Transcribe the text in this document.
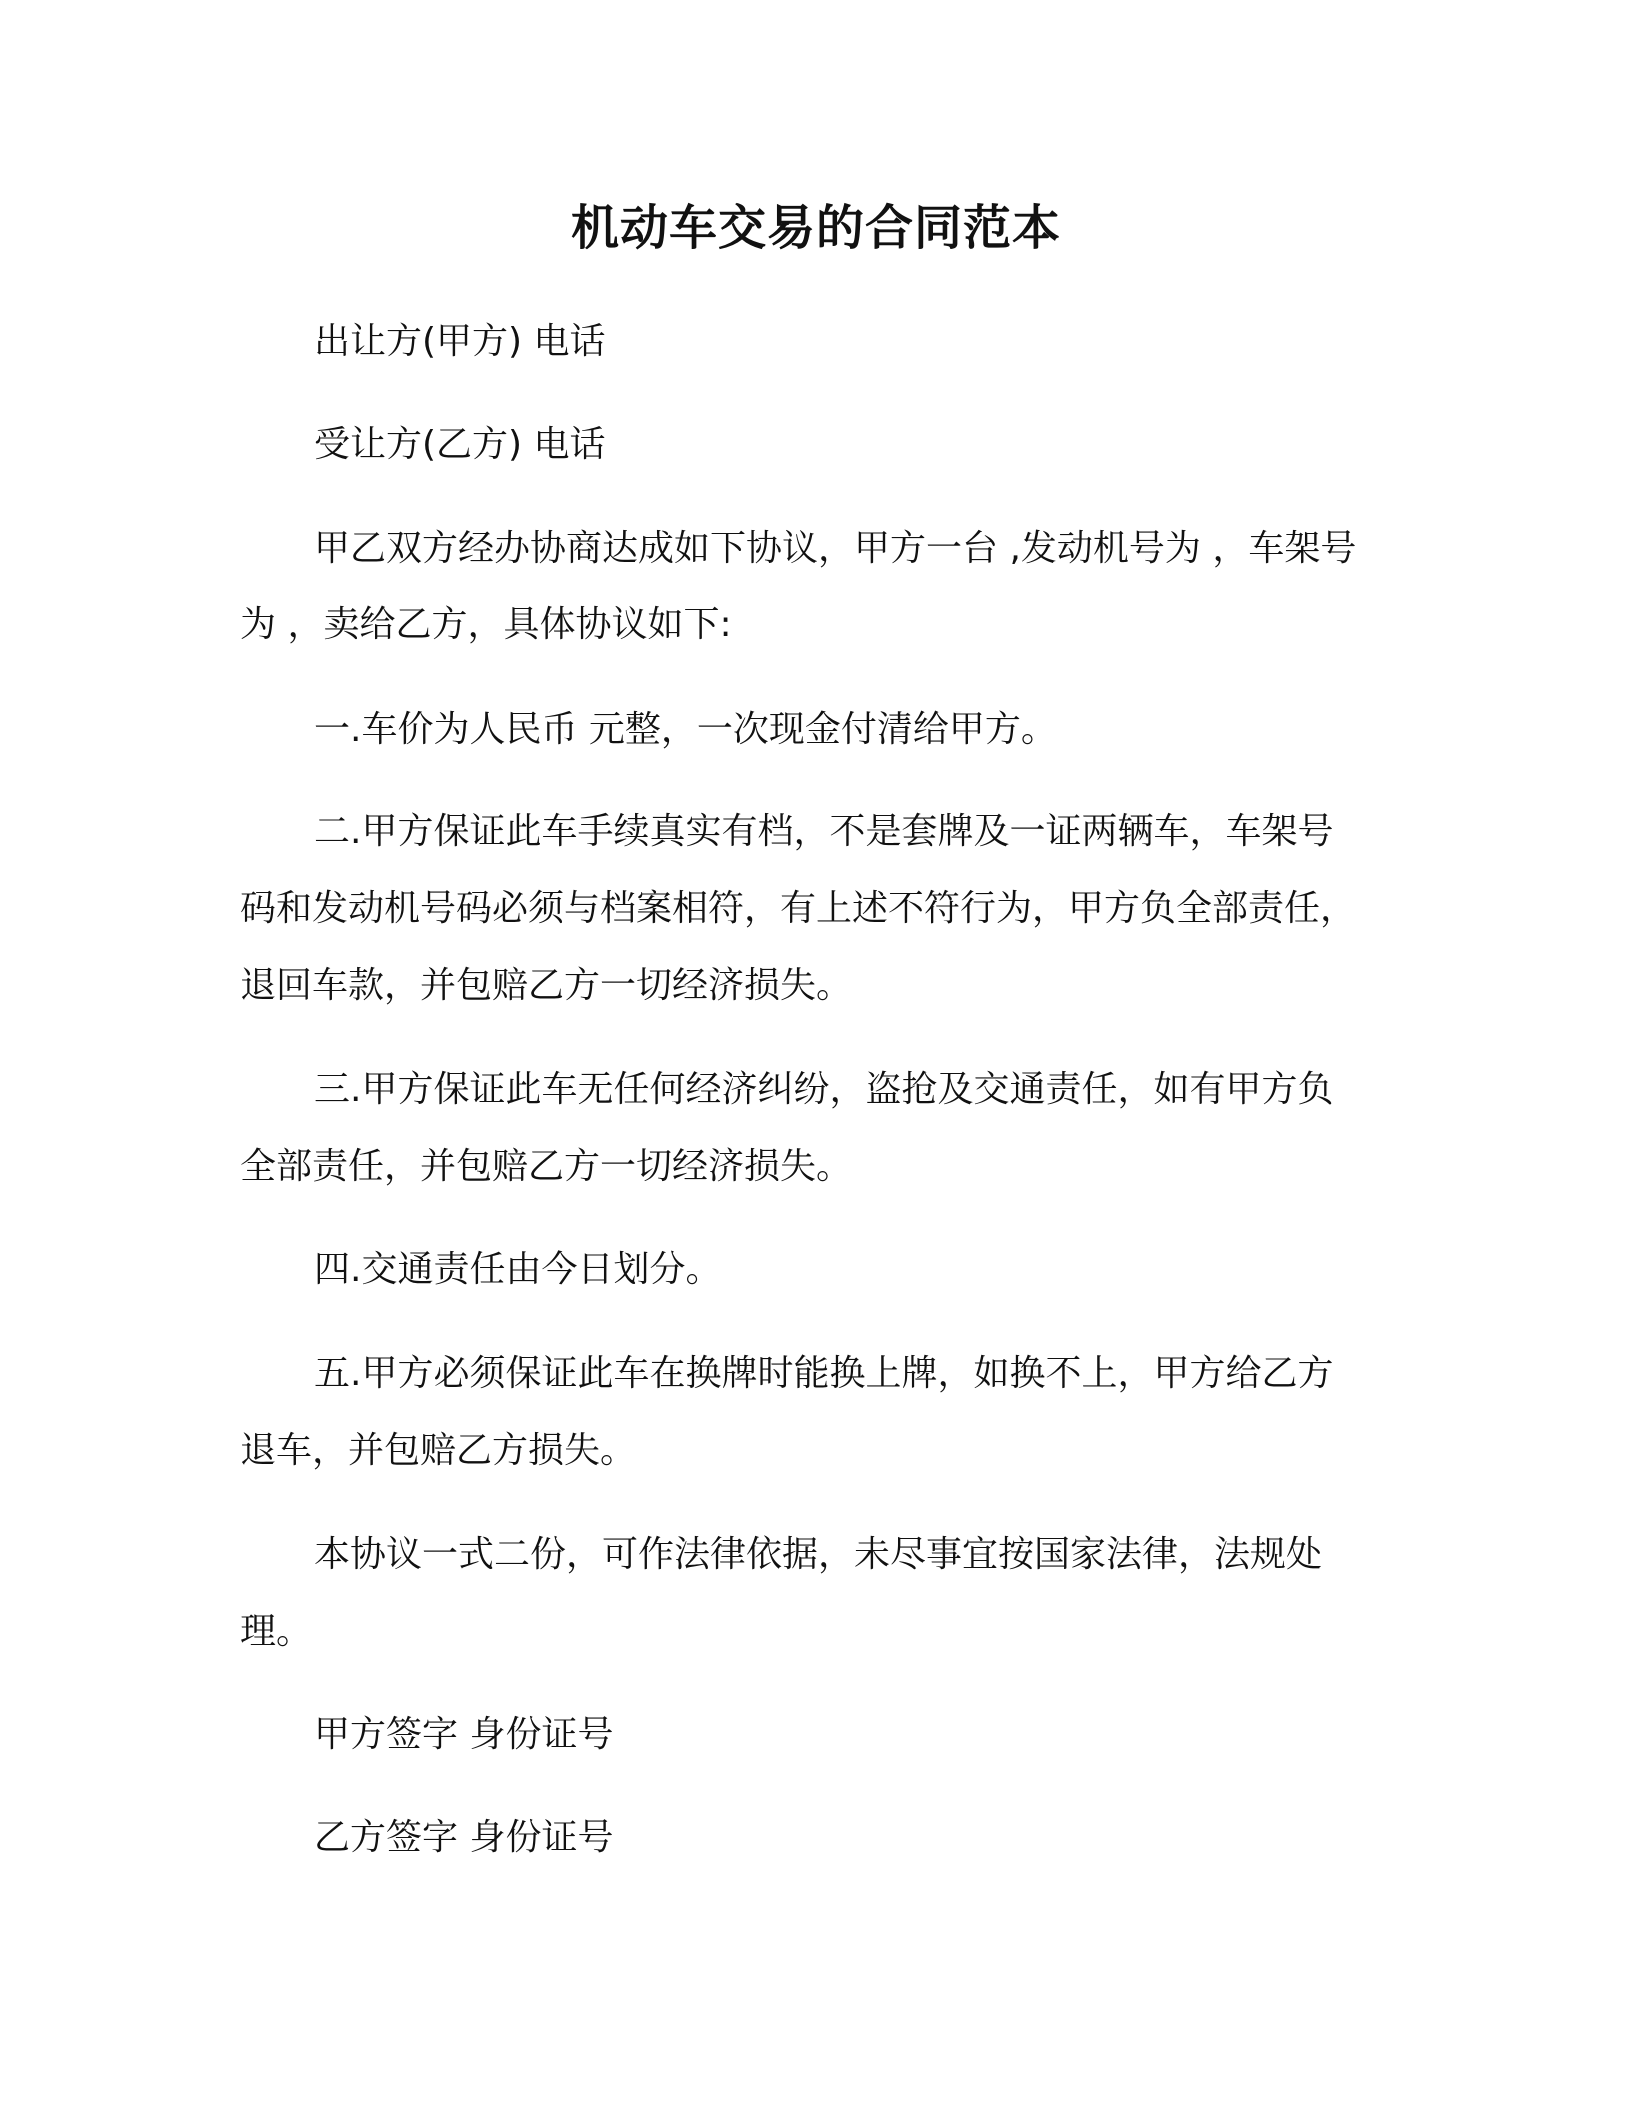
机动车交易的合同范本
出让方(甲方) 电话
受让方(乙方) 电话
甲乙双方经办协商达成如下协议，甲方一台 ,发动机号为 ，车架号
为 ，卖给乙方，具体协议如下:
一.车价为人民币 元整，一次现金付清给甲方。
二.甲方保证此车手续真实有档，不是套牌及一证两辆车，车架号
码和发动机号码必须与档案相符，有上述不符行为，甲方负全部责任，
退回车款，并包赔乙方一切经济损失。
三.甲方保证此车无任何经济纠纷，盗抢及交通责任，如有甲方负
全部责任，并包赔乙方一切经济损失。
四.交通责任由今日划分。
五.甲方必须保证此车在换牌时能换上牌，如换不上，甲方给乙方
退车，并包赔乙方损失。
本协议一式二份，可作法律依据，未尽事宜按国家法律，法规处
理。
甲方签字 身份证号
乙方签字 身份证号
